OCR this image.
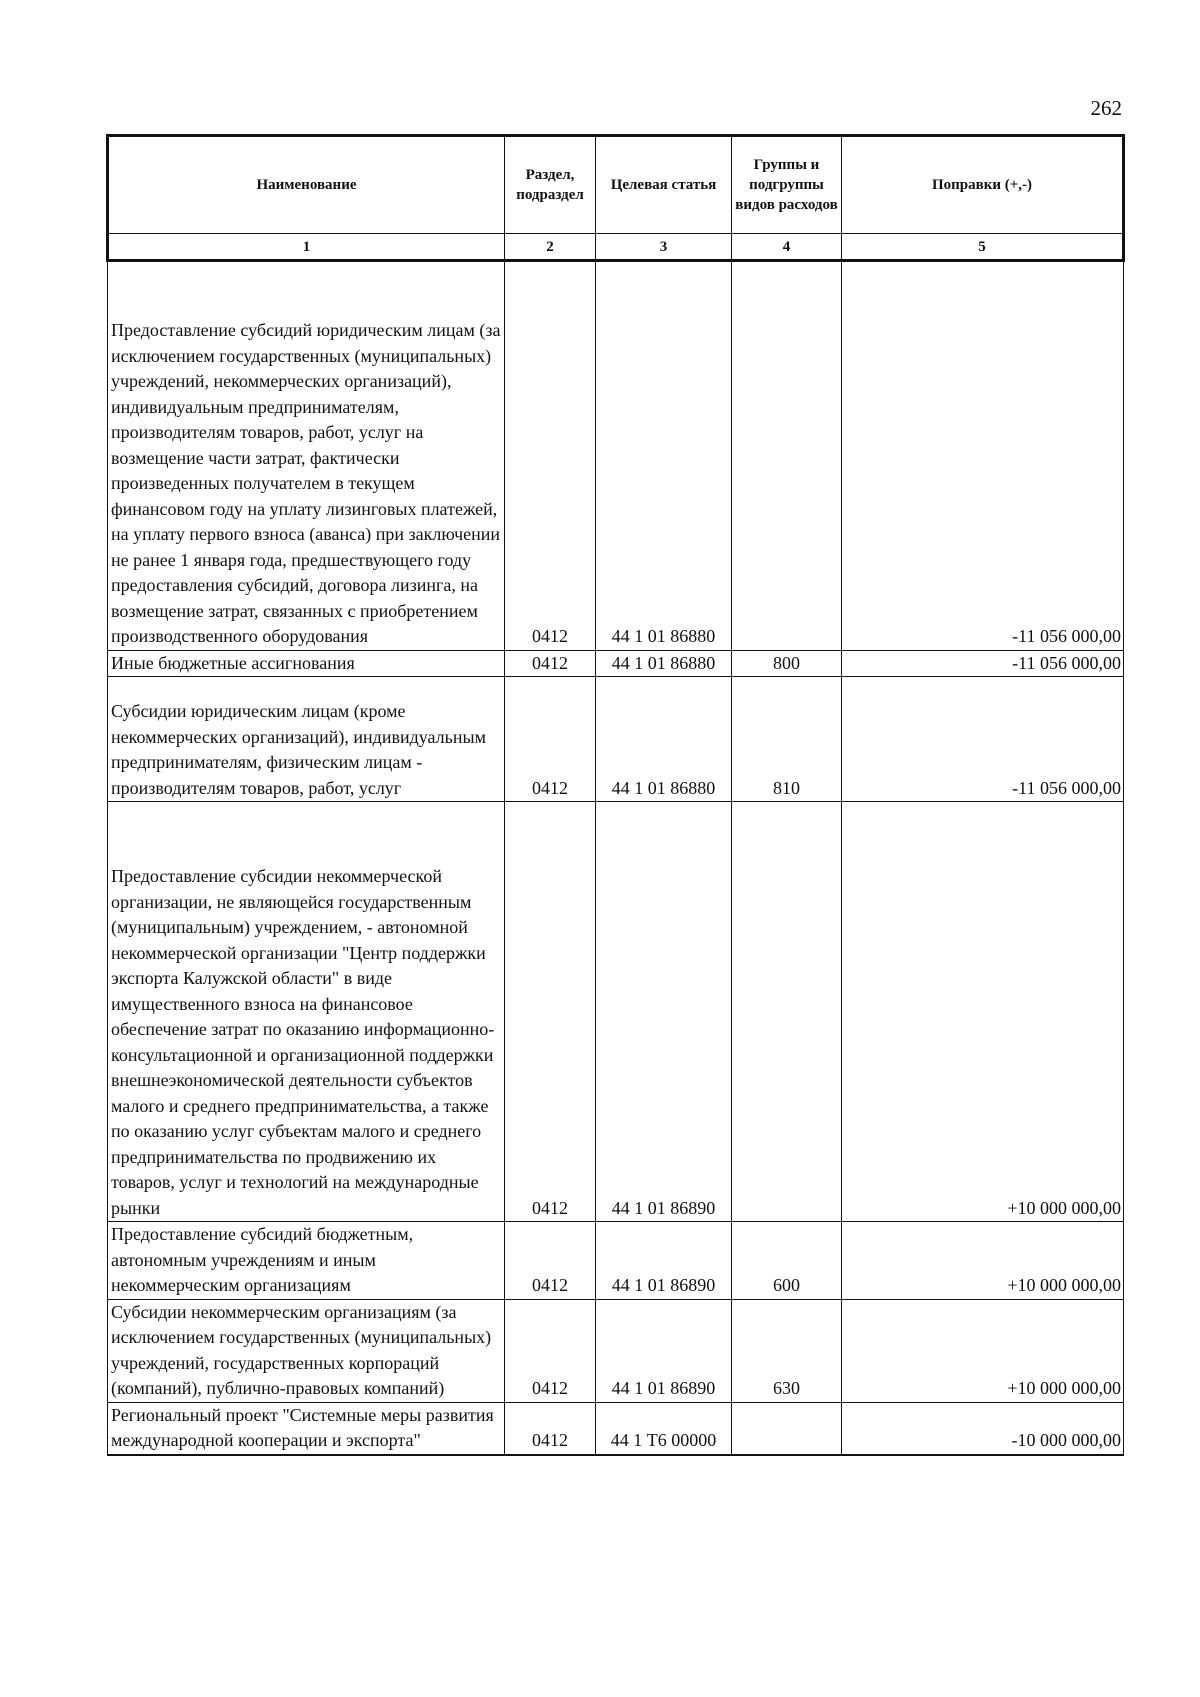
262
Наименование	Раздел, подраздел	Целевая статья	Группы и подгруппы видов расходов	Поправки (+,-)
1	2	3	4	5
Предоставление субсидий юридическим лицам (за исключением государственных (муниципальных) учреждений, некоммерческих организаций), индивидуальным предпринимателям, производителям товаров, работ, услуг на возмещение части затрат, фактически произведенных получателем в текущем финансовом году на уплату лизинговых платежей, на уплату первого взноса (аванса) при заключении не ранее 1 января года, предшествующего году предоставления субсидий, договора лизинга, на возмещение затрат, связанных с приобретением производственного оборудования	0412	44 1 01 86880		-11 056 000,00
Иные бюджетные ассигнования	0412	44 1 01 86880	800	-11 056 000,00
Субсидии юридическим лицам (кроме некоммерческих организаций), индивидуальным предпринимателям, физическим лицам - производителям товаров, работ, услуг	0412	44 1 01 86880	810	-11 056 000,00
Предоставление субсидии некоммерческой организации, не являющейся государственным (муниципальным) учреждением, - автономной некоммерческой организации "Центр поддержки экспорта Калужской области" в виде имущественного взноса на финансовое обеспечение затрат по оказанию информационно-консультационной и организационной поддержки внешнеэкономической деятельности субъектов малого и среднего предпринимательства, а также по оказанию услуг субъектам малого и среднего предпринимательства по продвижению их товаров, услуг и технологий на международные рынки	0412	44 1 01 86890		+10 000 000,00
Предоставление субсидий бюджетным, автономным учреждениям и иным некоммерческим организациям	0412	44 1 01 86890	600	+10 000 000,00
Субсидии некоммерческим организациям (за исключением государственных (муниципальных) учреждений, государственных корпораций (компаний), публично-правовых компаний)	0412	44 1 01 86890	630	+10 000 000,00
Региональный проект "Системные меры развития международной кооперации и экспорта"	0412	44 1 Т6 00000		-10 000 000,00
